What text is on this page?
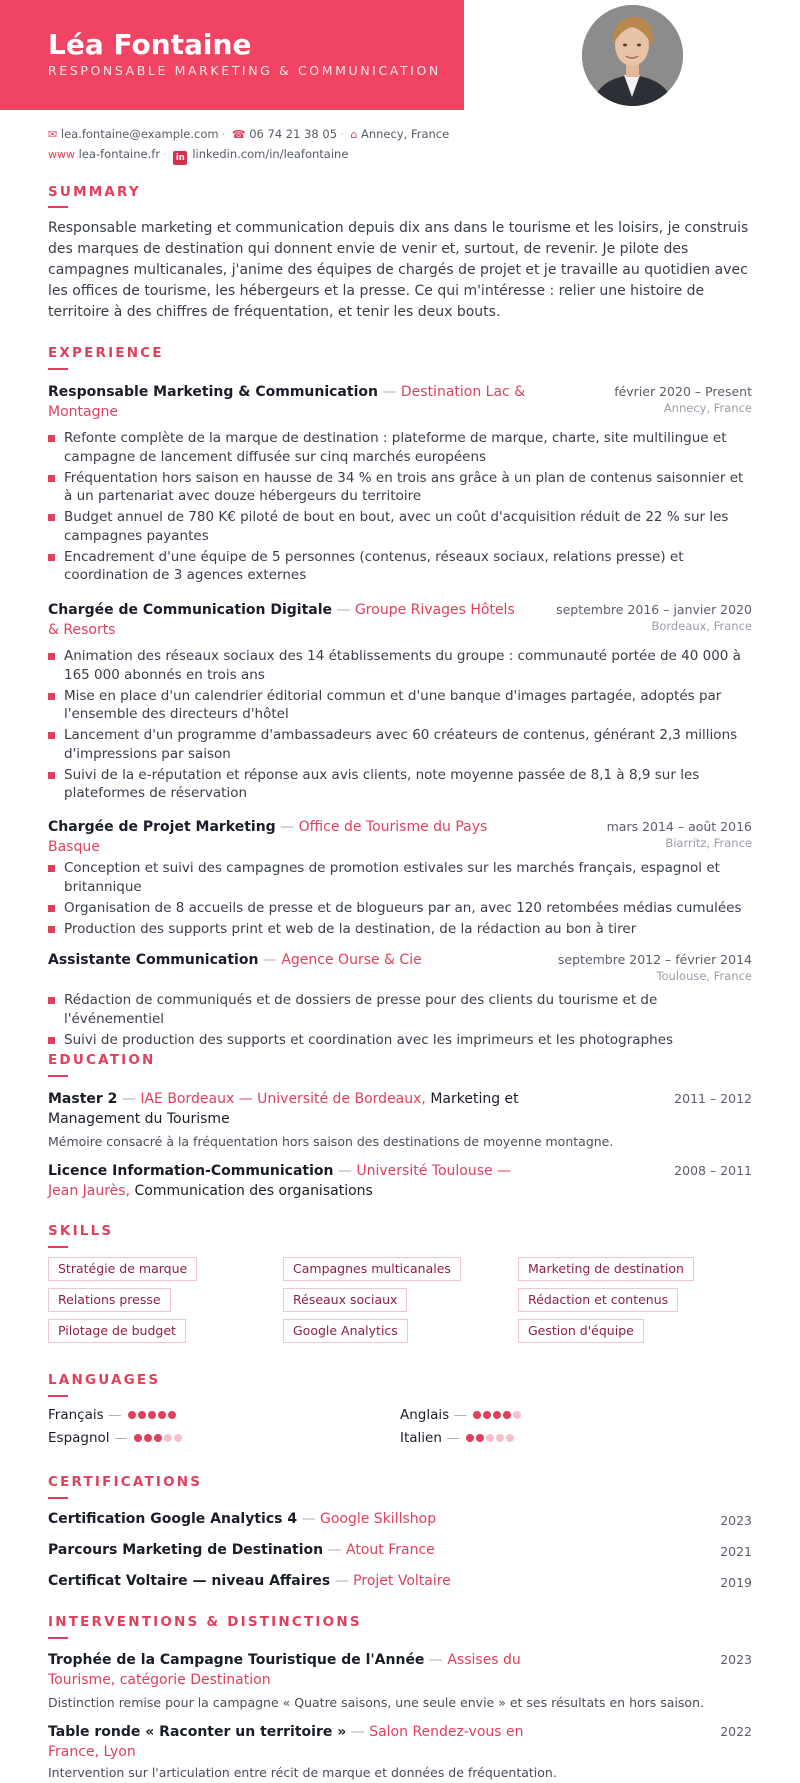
Léa Fontaine
RESPONSABLE MARKETING & COMMUNICATION
✉ lea.fontaine@example.com · ☎ 06 74 21 38 05 · ⌂ Annecy, France
www lea-fontaine.fr · in linkedin.com/in/leafontaine
SUMMARY
Responsable marketing et communication depuis dix ans dans le tourisme et les loisirs, je construis des marques de destination qui donnent envie de venir et, surtout, de revenir. Je pilote des campagnes multicanales, j'anime des équipes de chargés de projet et je travaille au quotidien avec les offices de tourisme, les hébergeurs et la presse. Ce qui m'intéresse : relier une histoire de territoire à des chiffres de fréquentation, et tenir les deux bouts.
EXPERIENCE
Responsable Marketing & Communication — Destination Lac & Montagne
février 2020 – Present
Annecy, France
Refonte complète de la marque de destination : plateforme de marque, charte, site multilingue et campagne de lancement diffusée sur cinq marchés européens
Fréquentation hors saison en hausse de 34 % en trois ans grâce à un plan de contenus saisonnier et à un partenariat avec douze hébergeurs du territoire
Budget annuel de 780 K€ piloté de bout en bout, avec un coût d'acquisition réduit de 22 % sur les campagnes payantes
Encadrement d'une équipe de 5 personnes (contenus, réseaux sociaux, relations presse) et coordination de 3 agences externes
Chargée de Communication Digitale — Groupe Rivages Hôtels & Resorts
septembre 2016 – janvier 2020
Bordeaux, France
Animation des réseaux sociaux des 14 établissements du groupe : communauté portée de 40 000 à 165 000 abonnés en trois ans
Mise en place d'un calendrier éditorial commun et d'une banque d'images partagée, adoptés par l'ensemble des directeurs d'hôtel
Lancement d'un programme d'ambassadeurs avec 60 créateurs de contenus, générant 2,3 millions d'impressions par saison
Suivi de la e-réputation et réponse aux avis clients, note moyenne passée de 8,1 à 8,9 sur les plateformes de réservation
Chargée de Projet Marketing — Office de Tourisme du Pays Basque
mars 2014 – août 2016
Biarritz, France
Conception et suivi des campagnes de promotion estivales sur les marchés français, espagnol et britannique
Organisation de 8 accueils de presse et de blogueurs par an, avec 120 retombées médias cumulées
Production des supports print et web de la destination, de la rédaction au bon à tirer
Assistante Communication — Agence Ourse & Cie	septembre 2012 – février 2014
Toulouse, France
Rédaction de communiqués et de dossiers de presse pour des clients du tourisme et de l'événementiel
Suivi de production des supports et coordination avec les imprimeurs et les photographes
EDUCATION
Master 2 — IAE Bordeaux — Université de Bordeaux, Marketing et Management du Tourisme
2011 – 2012
Mémoire consacré à la fréquentation hors saison des destinations de moyenne montagne.
Licence Information-Communication — Université Toulouse — Jean Jaurès, Communication des organisations
2008 – 2011
SKILLS
Stratégie de marque	Campagnes multicanales	Marketing de destination
Relations presse	Réseaux sociaux	Rédaction et contenus
Pilotage de budget	Google Analytics	Gestion d'équipe
LANGUAGES
Français —	Anglais —
Espagnol —	Italien —
CERTIFICATIONS
Certification Google Analytics 4 — Google Skillshop	2023
Parcours Marketing de Destination — Atout France	2021
Certificat Voltaire — niveau Affaires — Projet Voltaire	2019
INTERVENTIONS & DISTINCTIONS
Trophée de la Campagne Touristique de l'Année — Assises du Tourisme, catégorie Destination
2023
Distinction remise pour la campagne « Quatre saisons, une seule envie » et ses résultats en hors saison.
Table ronde « Raconter un territoire » — Salon Rendez-vous en France, Lyon
2022
Intervention sur l'articulation entre récit de marque et données de fréquentation.
